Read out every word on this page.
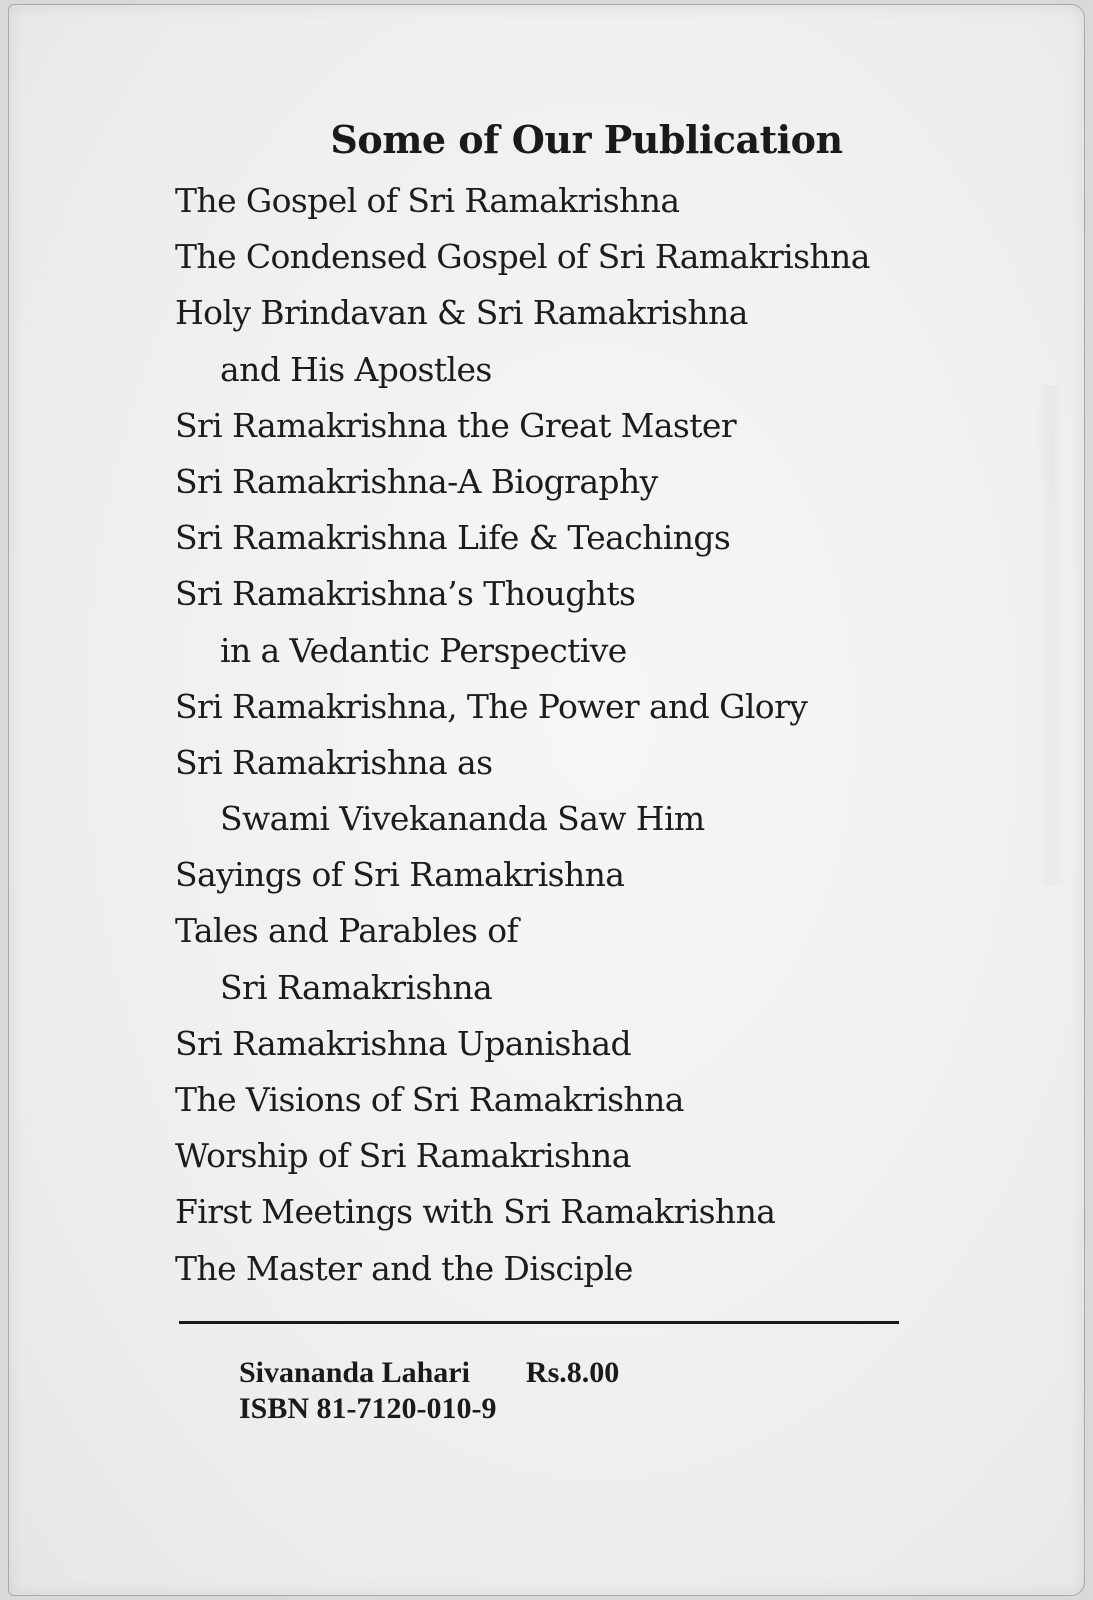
Some of Our Publication
The Gospel of Sri Ramakrishna
The Condensed Gospel of Sri Ramakrishna
Holy Brindavan & Sri Ramakrishna
and His Apostles
Sri Ramakrishna the Great Master
Sri Ramakrishna-A Biography
Sri Ramakrishna Life & Teachings
Sri Ramakrishna’s Thoughts
in a Vedantic Perspective
Sri Ramakrishna, The Power and Glory
Sri Ramakrishna as
Swami Vivekananda Saw Him
Sayings of Sri Ramakrishna
Tales and Parables of
Sri Ramakrishna
Sri Ramakrishna Upanishad
The Visions of Sri Ramakrishna
Worship of Sri Ramakrishna
First Meetings with Sri Ramakrishna
The Master and the Disciple
Sivananda Lahari Rs.8.00
ISBN 81-7120-010-9
